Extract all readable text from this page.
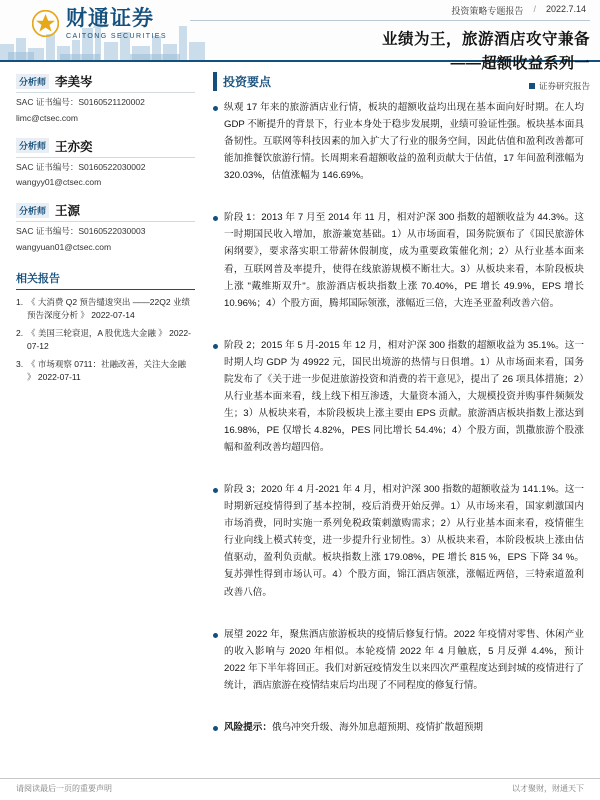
财通证券
CAITONG SECURITIES
投资策略专题报告 / 2022.7.14
业绩为王，旅游酒店攻守兼备
——超额收益系列一
证券研究报告
分析师 李美岑
SAC 证书编号：S0160521120002
limc@ctsec.com
分析师 王亦奕
SAC 证书编号：S0160522030002
wangyy01@ctsec.com
分析师 王源
SAC 证书编号：S0160522030003
wangyuan01@ctsec.com
相关报告
1. 《 大消费 Q2 预告缱逡突出 ——22Q2 业绩预告深度分析 》 2022-07-14
2. 《 美国三轮衰退，A 股优选大金融 》 2022-07-12
3. 《 市场观察 0711：社融改善，关注大金融 》 2022-07-11
投资要点

纵观 17 年来的旅游酒店业行情，板块的超额收益均出现在基本面向好时期。在人均 GDP 不断提升的背景下，行业本身处于稳步发展期，业绩可验证性强。板块基本面具备韧性。互联网等科技因素的加入扩大了行业的服务空间，因此估值和盈利改善都可能加推餐饮旅游行情。长周期来看超额收益的盈利贡献大于估值，17 年间盈利涨幅为 320.03%，估值涨幅为 146.69%。

阶段 1：2013 年 7 月至 2014 年 11 月，相对沪深 300 指数的超额收益为 44.3%。这一时期国民收入增加，旅游兼宽基础。1）从市场面看，国务院颁布了《国民旅游休闲纲要》，要求落实职工带薪休假制度，成为重要政策催化剂；2）从行业基本面来看，互联网普及率提升，使得在线旅游规模不断壮大。3）从板块来看，本阶段板块上涨 "戴维斯双升"。旅游酒店板块指数上涨 70.40%，PE 增长 49.9%，EPS 增长 10.96%；4）个股方面，腾邦国际领涨，涨幅近三倍，大连圣亚盈利改善六倍。

阶段 2；2015 年 5 月-2015 年 12 月，相对沪深 300 指数的超额收益为 35.1%。这一时期人均 GDP 为 49922 元，国民出境游的热情与日俱增。1）从市场面来看，国务院发布了《关于进一步促进旅游投资和消费的若干意见》，提出了 26 项具体措施；2）从行业基本面来看，线上线下相互渗透，大量资本涌入，大规模投资并购事件频频发生；3）从板块来看，本阶段板块上涨主要由 EPS 贡献。旅游酒店板块指数上涨达到 16.98%，PE 仅增长 4.82%，PES 同比增长 54.4%；4）个股方面，凯撒旅游个股涨幅和盈利改善均超四倍。

阶段 3；2020 年 4 月-2021 年 4 月，相对沪深 300 指数的超额收益为 141.1%。这一时期新冠疫情得到了基本控制，疫后消费开始反弹。1）从市场来看，国家刺激国内市场消费，同时实施一系列免税政策刺激购需求；2）从行业基本面来看，疫情催生行业向线上模式转变，进一步提升行业韧性。3）从板块来看，本阶段板块上涨由估值驱动，盈利负贡献。板块指数上涨 179.08%，PE 增长 815 %，EPS 下降 34 %。复苏弹性得到市场认可。4）个股方面，锦江酒店领涨，涨幅近两倍，三特索道盈利改善八倍。

展望 2022 年，聚焦酒店旅游板块的疫情后修复行情。2022 年疫情对零售、休闲产业的收入影响与 2020 年相似。本轮疫情 2022 年 4 月触底，5 月反弹 4.4%，预计 2022 年下半年将回正。我们对新冠疫情发生以来四次严重程度达到封城的疫情进行了统计，酒店旅游在疫情结束后均出现了不同程度的修复行情。

风险提示：俄乌冲突升级、海外加息超预期、疫情扩散超预期
请阅读最后一页的重要声明	以才聚财，财通天下
